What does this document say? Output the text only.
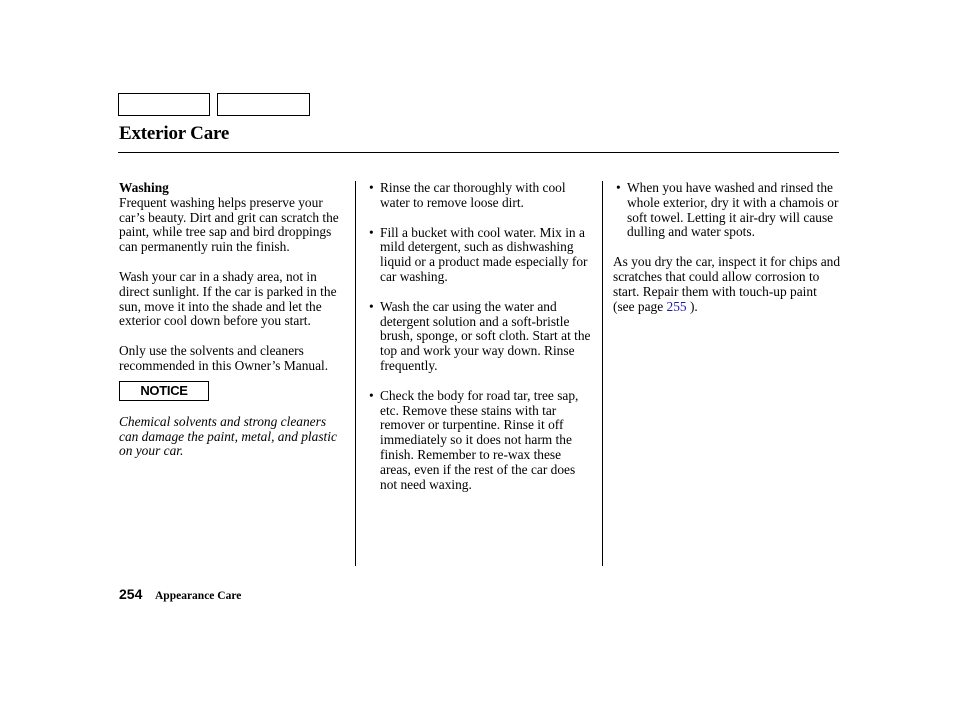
Exterior Care
Washing
Frequent washing helps preserve your car’s beauty. Dirt and grit can scratch the paint, while tree sap and bird droppings can permanently ruin the finish.

Wash your car in a shady area, not in direct sunlight. If the car is parked in the sun, move it into the shade and let the exterior cool down before you start.

Only use the solvents and cleaners recommended in this Owner’s Manual.

NOTICE

Chemical solvents and strong cleaners can damage the paint, metal, and plastic on your car.

• Rinse the car thoroughly with cool water to remove loose dirt.
• Fill a bucket with cool water. Mix in a mild detergent, such as dishwashing liquid or a product made especially for car washing.
• Wash the car using the water and detergent solution and a soft-bristle brush, sponge, or soft cloth. Start at the top and work your way down. Rinse frequently.
• Check the body for road tar, tree sap, etc. Remove these stains with tar remover or turpentine. Rinse it off immediately so it does not harm the finish. Remember to re-wax these areas, even if the rest of the car does not need waxing.
• When you have washed and rinsed the whole exterior, dry it with a chamois or soft towel. Letting it air-dry will cause dulling and water spots.

As you dry the car, inspect it for chips and scratches that could allow corrosion to start. Repair them with touch-up paint (see page 255 ).

254 Appearance Care
